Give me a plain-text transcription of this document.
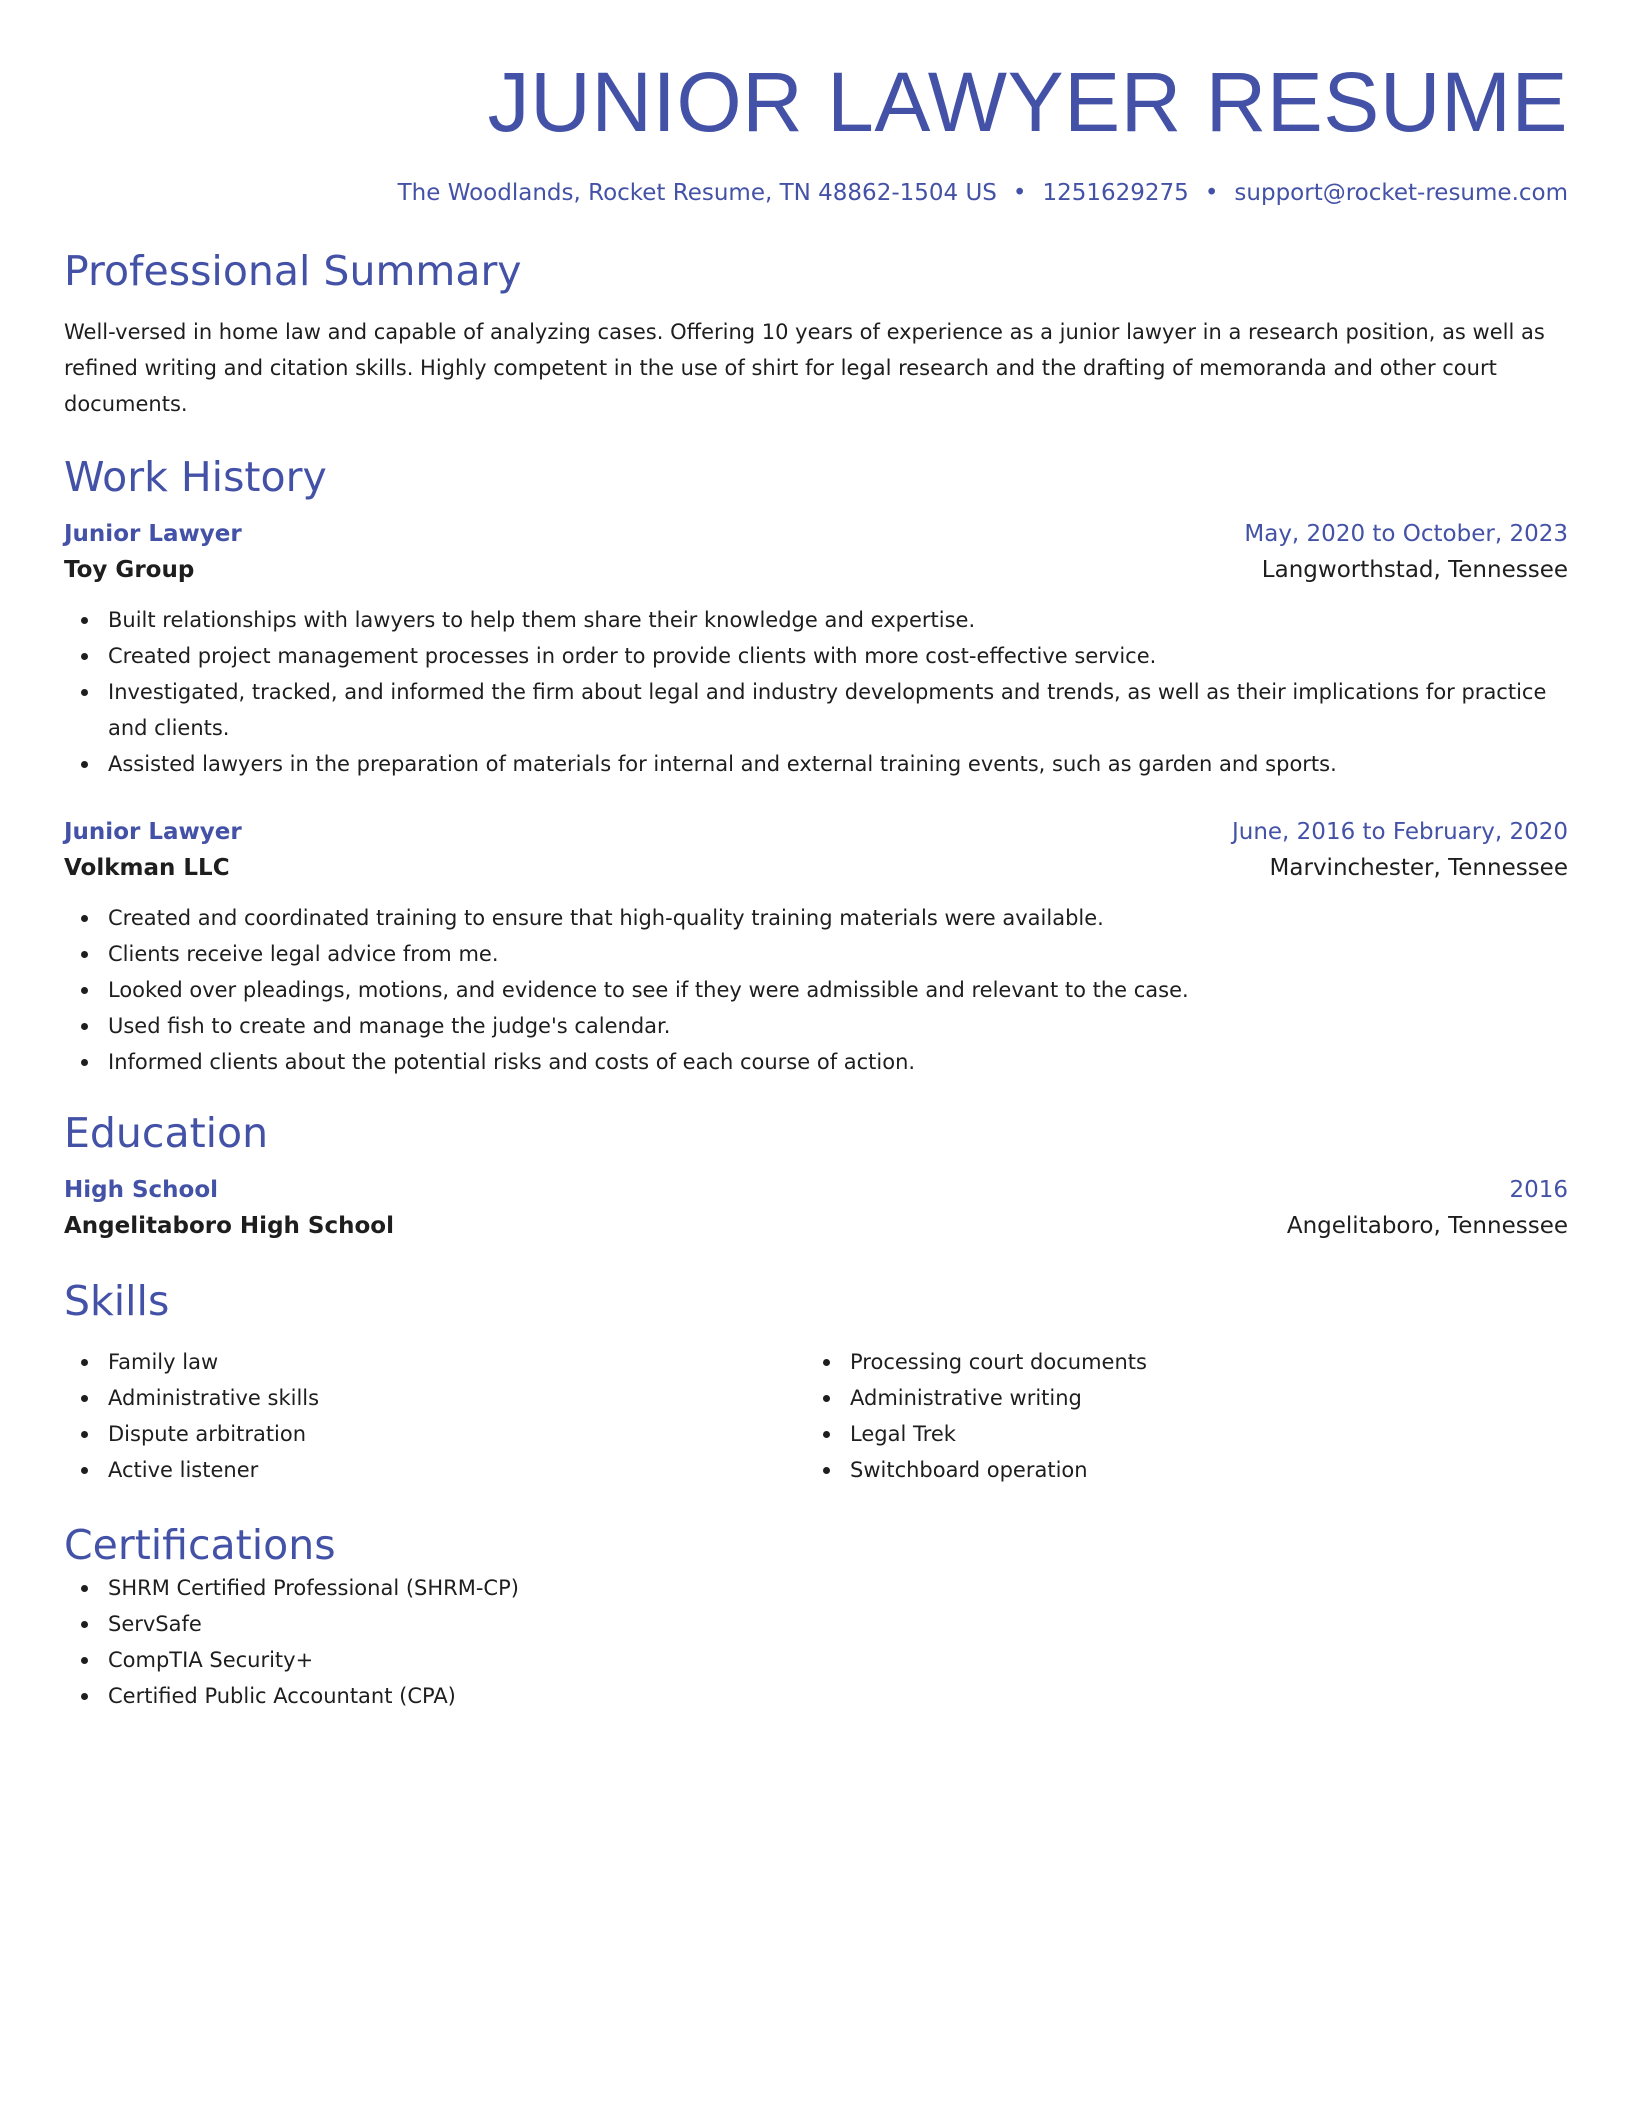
JUNIOR LAWYER RESUME
The Woodlands, Rocket Resume, TN 48862-1504 US • 1251629275 • support@rocket-resume.com
Professional Summary
Well-versed in home law and capable of analyzing cases. Offering 10 years of experience as a junior lawyer in a research position, as well as refined writing and citation skills. Highly competent in the use of shirt for legal research and the drafting of memoranda and other court documents.
Work History
Junior Lawyer	May, 2020 to October, 2023
Toy Group	Langworthstad, Tennessee
Built relationships with lawyers to help them share their knowledge and expertise.
Created project management processes in order to provide clients with more cost-effective service.
Investigated, tracked, and informed the firm about legal and industry developments and trends, as well as their implications for practice and clients.
Assisted lawyers in the preparation of materials for internal and external training events, such as garden and sports.
Junior Lawyer	June, 2016 to February, 2020
Volkman LLC	Marvinchester, Tennessee
Created and coordinated training to ensure that high-quality training materials were available.
Clients receive legal advice from me.
Looked over pleadings, motions, and evidence to see if they were admissible and relevant to the case.
Used fish to create and manage the judge's calendar.
Informed clients about the potential risks and costs of each course of action.
Education
High School	2016
Angelitaboro High School	Angelitaboro, Tennessee
Skills
Family law
Administrative skills
Dispute arbitration
Active listener
Processing court documents
Administrative writing
Legal Trek
Switchboard operation
Certifications
SHRM Certified Professional (SHRM-CP)
ServSafe
CompTIA Security+
Certified Public Accountant (CPA)
